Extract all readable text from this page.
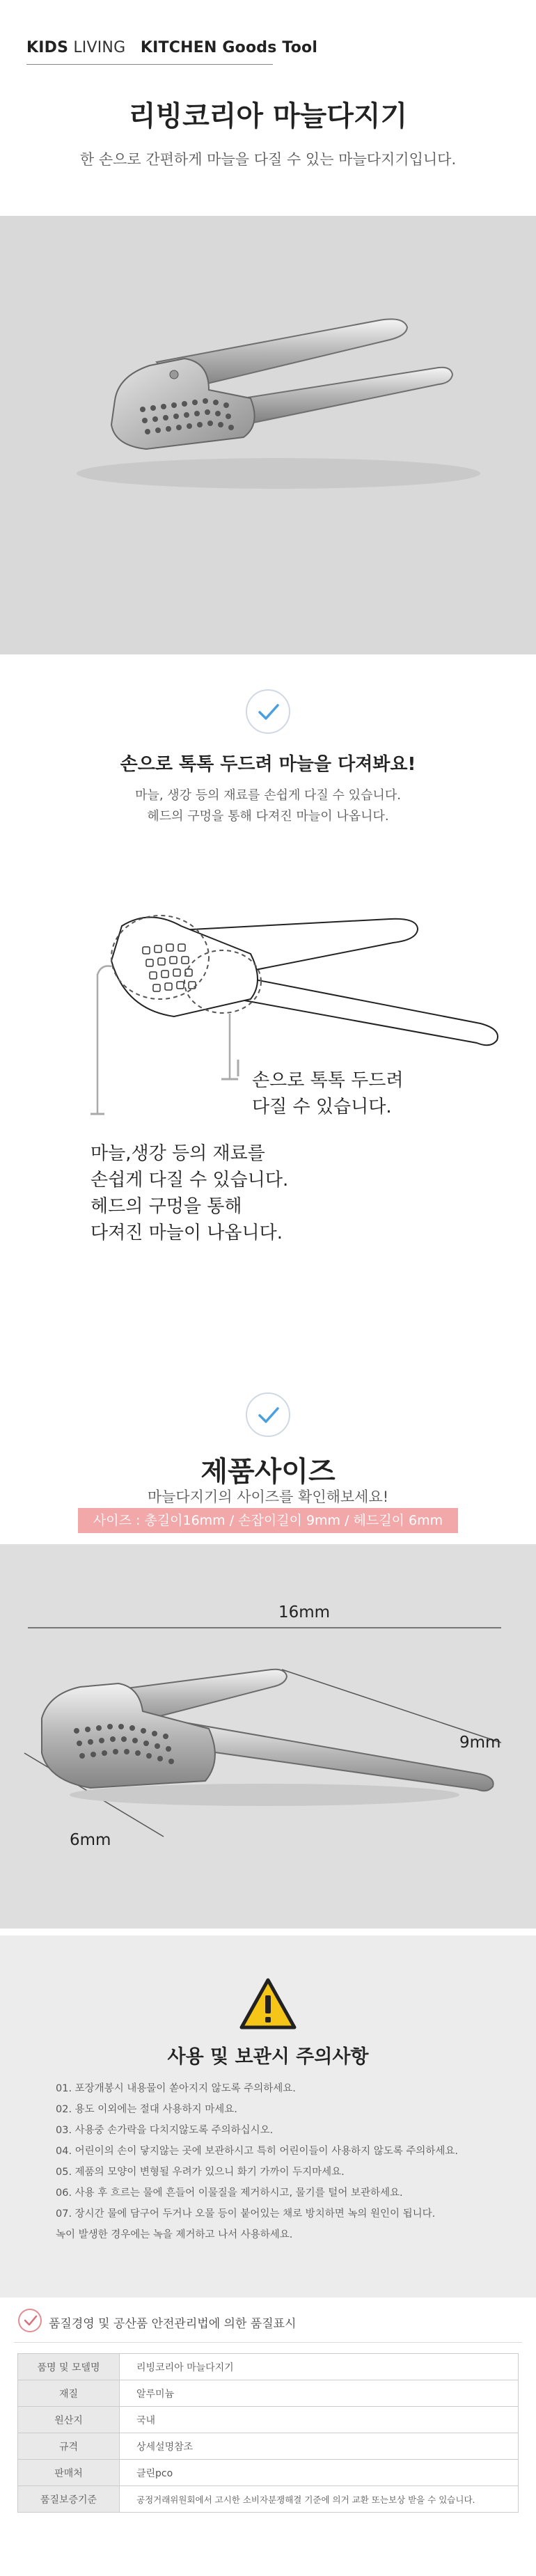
KIDS LIVING KITCHEN Goods Tool
리빙코리아 마늘다지기
한 손으로 간편하게 마늘을 다질 수 있는 마늘다지기입니다.
손으로 톡톡 두드려 마늘을 다져봐요!
마늘, 생강 등의 재료를 손쉽게 다질 수 있습니다.
헤드의 구멍을 통해 다져진 마늘이 나옵니다.
손으로 톡톡 두드려
다질 수 있습니다.
마늘,생강 등의 재료를
손쉽게 다질 수 있습니다.
헤드의 구멍을 통해
다져진 마늘이 나옵니다.
제품사이즈
마늘다지기의 사이즈를 확인해보세요!
사이즈 : 총길이16mm / 손잡이길이 9mm / 헤드길이 6mm
16mm
9mm
6mm
사용 및 보관시 주의사항
01. 포장개봉시 내용물이 쏟아지지 않도록 주의하세요.
02. 용도 이외에는 절대 사용하지 마세요.
03. 사용중 손가락을 다치지않도록 주의하십시오.
04. 어린이의 손이 닿지않는 곳에 보관하시고 특히 어린이들이 사용하지 않도록 주의하세요.
05. 제품의 모양이 변형될 우려가 있으니 화기 가까이 두지마세요.
06. 사용 후 흐르는 물에 흔들어 이물질을 제거하시고, 물기를 털어 보관하세요.
07. 장시간 물에 담구어 두거나 오물 등이 붙어있는 채로 방치하면 녹의 원인이 됩니다.
녹이 발생한 경우에는 녹을 제거하고 나서 사용하세요.
품질경영 및 공산품 안전관리법에 의한 품질표시
품명 및 모델명	리빙코리아 마늘다지기
재질	알루미늄
원산지	국내
규격	상세설명참조
판매처	클린pco
품질보증기준	공정거래위원회에서 고시한 소비자분쟁해결 기준에 의거 교환 또는보상 받을 수 있습니다.
